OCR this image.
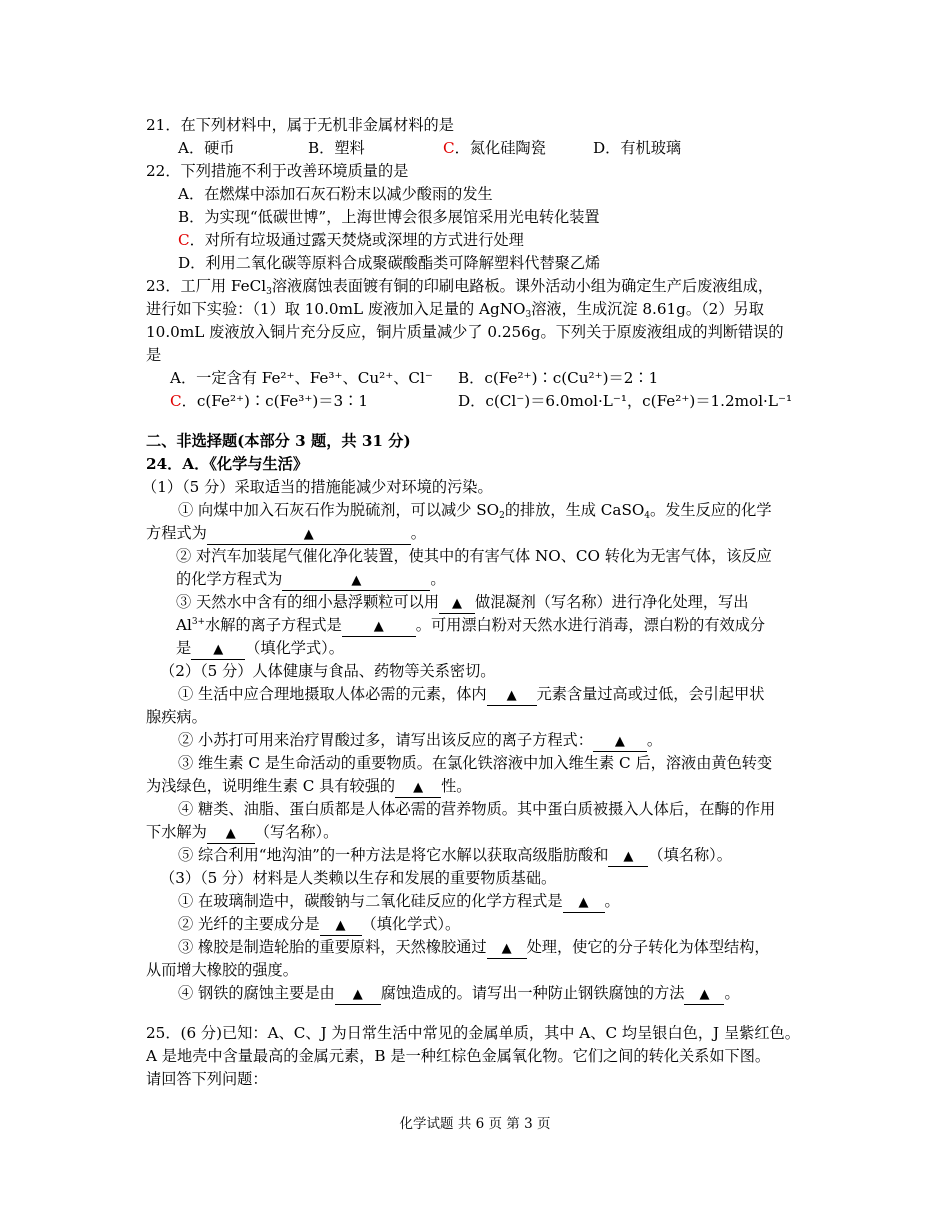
21．在下列材料中，属于无机非金属材料的是
A．硬币	B．塑料	C．氮化硅陶瓷	D．有机玻璃
22．下列措施不利于改善环境质量的是
A．在燃煤中添加石灰石粉末以减少酸雨的发生
B．为实现“低碳世博”，上海世博会很多展馆采用光电转化装置
C．对所有垃圾通过露天焚烧或深埋的方式进行处理
D．利用二氧化碳等原料合成聚碳酸酯类可降解塑料代替聚乙烯
23．工厂用 FeCl$_3$溶液腐蚀表面镀有铜的印刷电路板。课外活动小组为确定生产后废液组成，
进行如下实验：（1）取 10.0mL 废液加入足量的 AgNO$_3$溶液，生成沉淀 8.61g。（2）另取
10.0mL 废液放入铜片充分反应，铜片质量减少了 0.256g。下列关于原废液组成的判断错误的
是
A．一定含有 Fe²⁺、Fe³⁺、Cu²⁺、Cl⁻ B．c(Fe²⁺)∶c(Cu²⁺)＝2∶1
C．c(Fe²⁺)∶c(Fe³⁺)＝3∶1	D．c(Cl⁻)＝6.0mol·L⁻¹，c(Fe²⁺)＝1.2mol·L⁻¹
二、非选择题(本部分 3 题，共 31 分)
24．A．《化学与生活》
（1）（5 分）采取适当的措施能减少对环境的污染。
① 向煤中加入石灰石作为脱硫剂，可以减少 $SO_2$的排放，生成 CaSO$_4$。发生反应的化学
方程式为	▲	。
② 对汽车加装尾气催化净化装置，使其中的有害气体 NO、CO 转化为无害气体，该反应
的化学方程式为	▲	。
③ 天然水中含有的细小悬浮颗粒可以用 ▲ 做混凝剂（写名称）进行净化处理，写出
$Al^{3+}$水解的离子方程式是 ▲ 。可用漂白粉对天然水进行消毒，漂白粉的有效成分
是 ▲ （填化学式）。
（2）（5 分）人体健康与食品、药物等关系密切。
① 生活中应合理地摄取人体必需的元素，体内 ▲ 元素含量过高或过低，会引起甲状
腺疾病。
② 小苏打可用来治疗胃酸过多，请写出该反应的离子方程式： ▲ 。
③ 维生素 C 是生命活动的重要物质。在氯化铁溶液中加入维生素 C 后，溶液由黄色转变
为浅绿色，说明维生素 C 具有较强的 ▲ 性。
④ 糖类、油脂、蛋白质都是人体必需的营养物质。其中蛋白质被摄入人体后，在酶的作用
下水解为 ▲ （写名称）。
⑤ 综合利用“地沟油”的一种方法是将它水解以获取高级脂肪酸和 ▲ （填名称）。
（3）（5 分）材料是人类赖以生存和发展的重要物质基础。
① 在玻璃制造中，碳酸钠与二氧化硅反应的化学方程式是 ▲ 。
② 光纤的主要成分是 ▲ （填化学式）。
③ 橡胶是制造轮胎的重要原料，天然橡胶通过 ▲ 处理，使它的分子转化为体型结构，
从而增大橡胶的强度。
④ 钢铁的腐蚀主要是由 ▲ 腐蚀造成的。请写出一种防止钢铁腐蚀的方法 ▲ 。
25．(6 分)已知：A、C、J 为日常生活中常见的金属单质，其中 A、C 均呈银白色，J 呈紫红色。
A 是地壳中含量最高的金属元素，B 是一种红棕色金属氧化物。它们之间的转化关系如下图。
请回答下列问题：
化学试题 共 6 页 第 3 页
